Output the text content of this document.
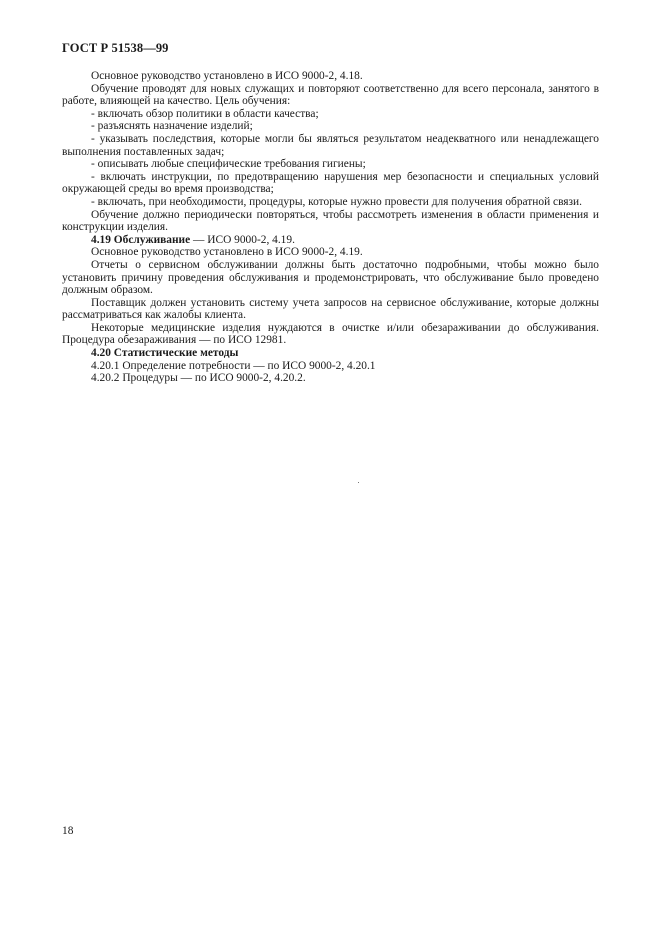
ГОСТ Р 51538—99

Основное руководство установлено в ИСО 9000-2, 4.18.

Обучение проводят для новых служащих и повторяют соответственно для всего персонала, занятого в работе, влияющей на качество. Цель обучения:

- включать обзор политики в области качества;

- разъяснять назначение изделий;

- указывать последствия, которые могли бы являться результатом неадекватного или ненадлежащего выполнения поставленных задач;

- описывать любые специфические требования гигиены;

- включать инструкции, по предотвращению нарушения мер безопасности и специальных условий окружающей среды во время производства;

- включать, при необходимости, процедуры, которые нужно провести для получения обратной связи.

Обучение должно периодически повторяться, чтобы рассмотреть изменения в области применения и конструкции изделия.

4.19 Обслуживание — ИСО 9000-2, 4.19.

Основное руководство установлено в ИСО 9000-2, 4.19.

Отчеты о сервисном обслуживании должны быть достаточно подробными, чтобы можно было установить причину проведения обслуживания и продемонстрировать, что обслуживание было проведено должным образом.

Поставщик должен установить систему учета запросов на сервисное обслуживание, которые должны рассматриваться как жалобы клиента.

Некоторые медицинские изделия нуждаются в очистке и/или обезараживании до обслуживания. Процедура обезараживания — по ИСО 12981.

4.20 Статистические методы

4.20.1 Определение потребности — по ИСО 9000-2, 4.20.1

4.20.2 Процедуры — по ИСО 9000-2, 4.20.2.

18
